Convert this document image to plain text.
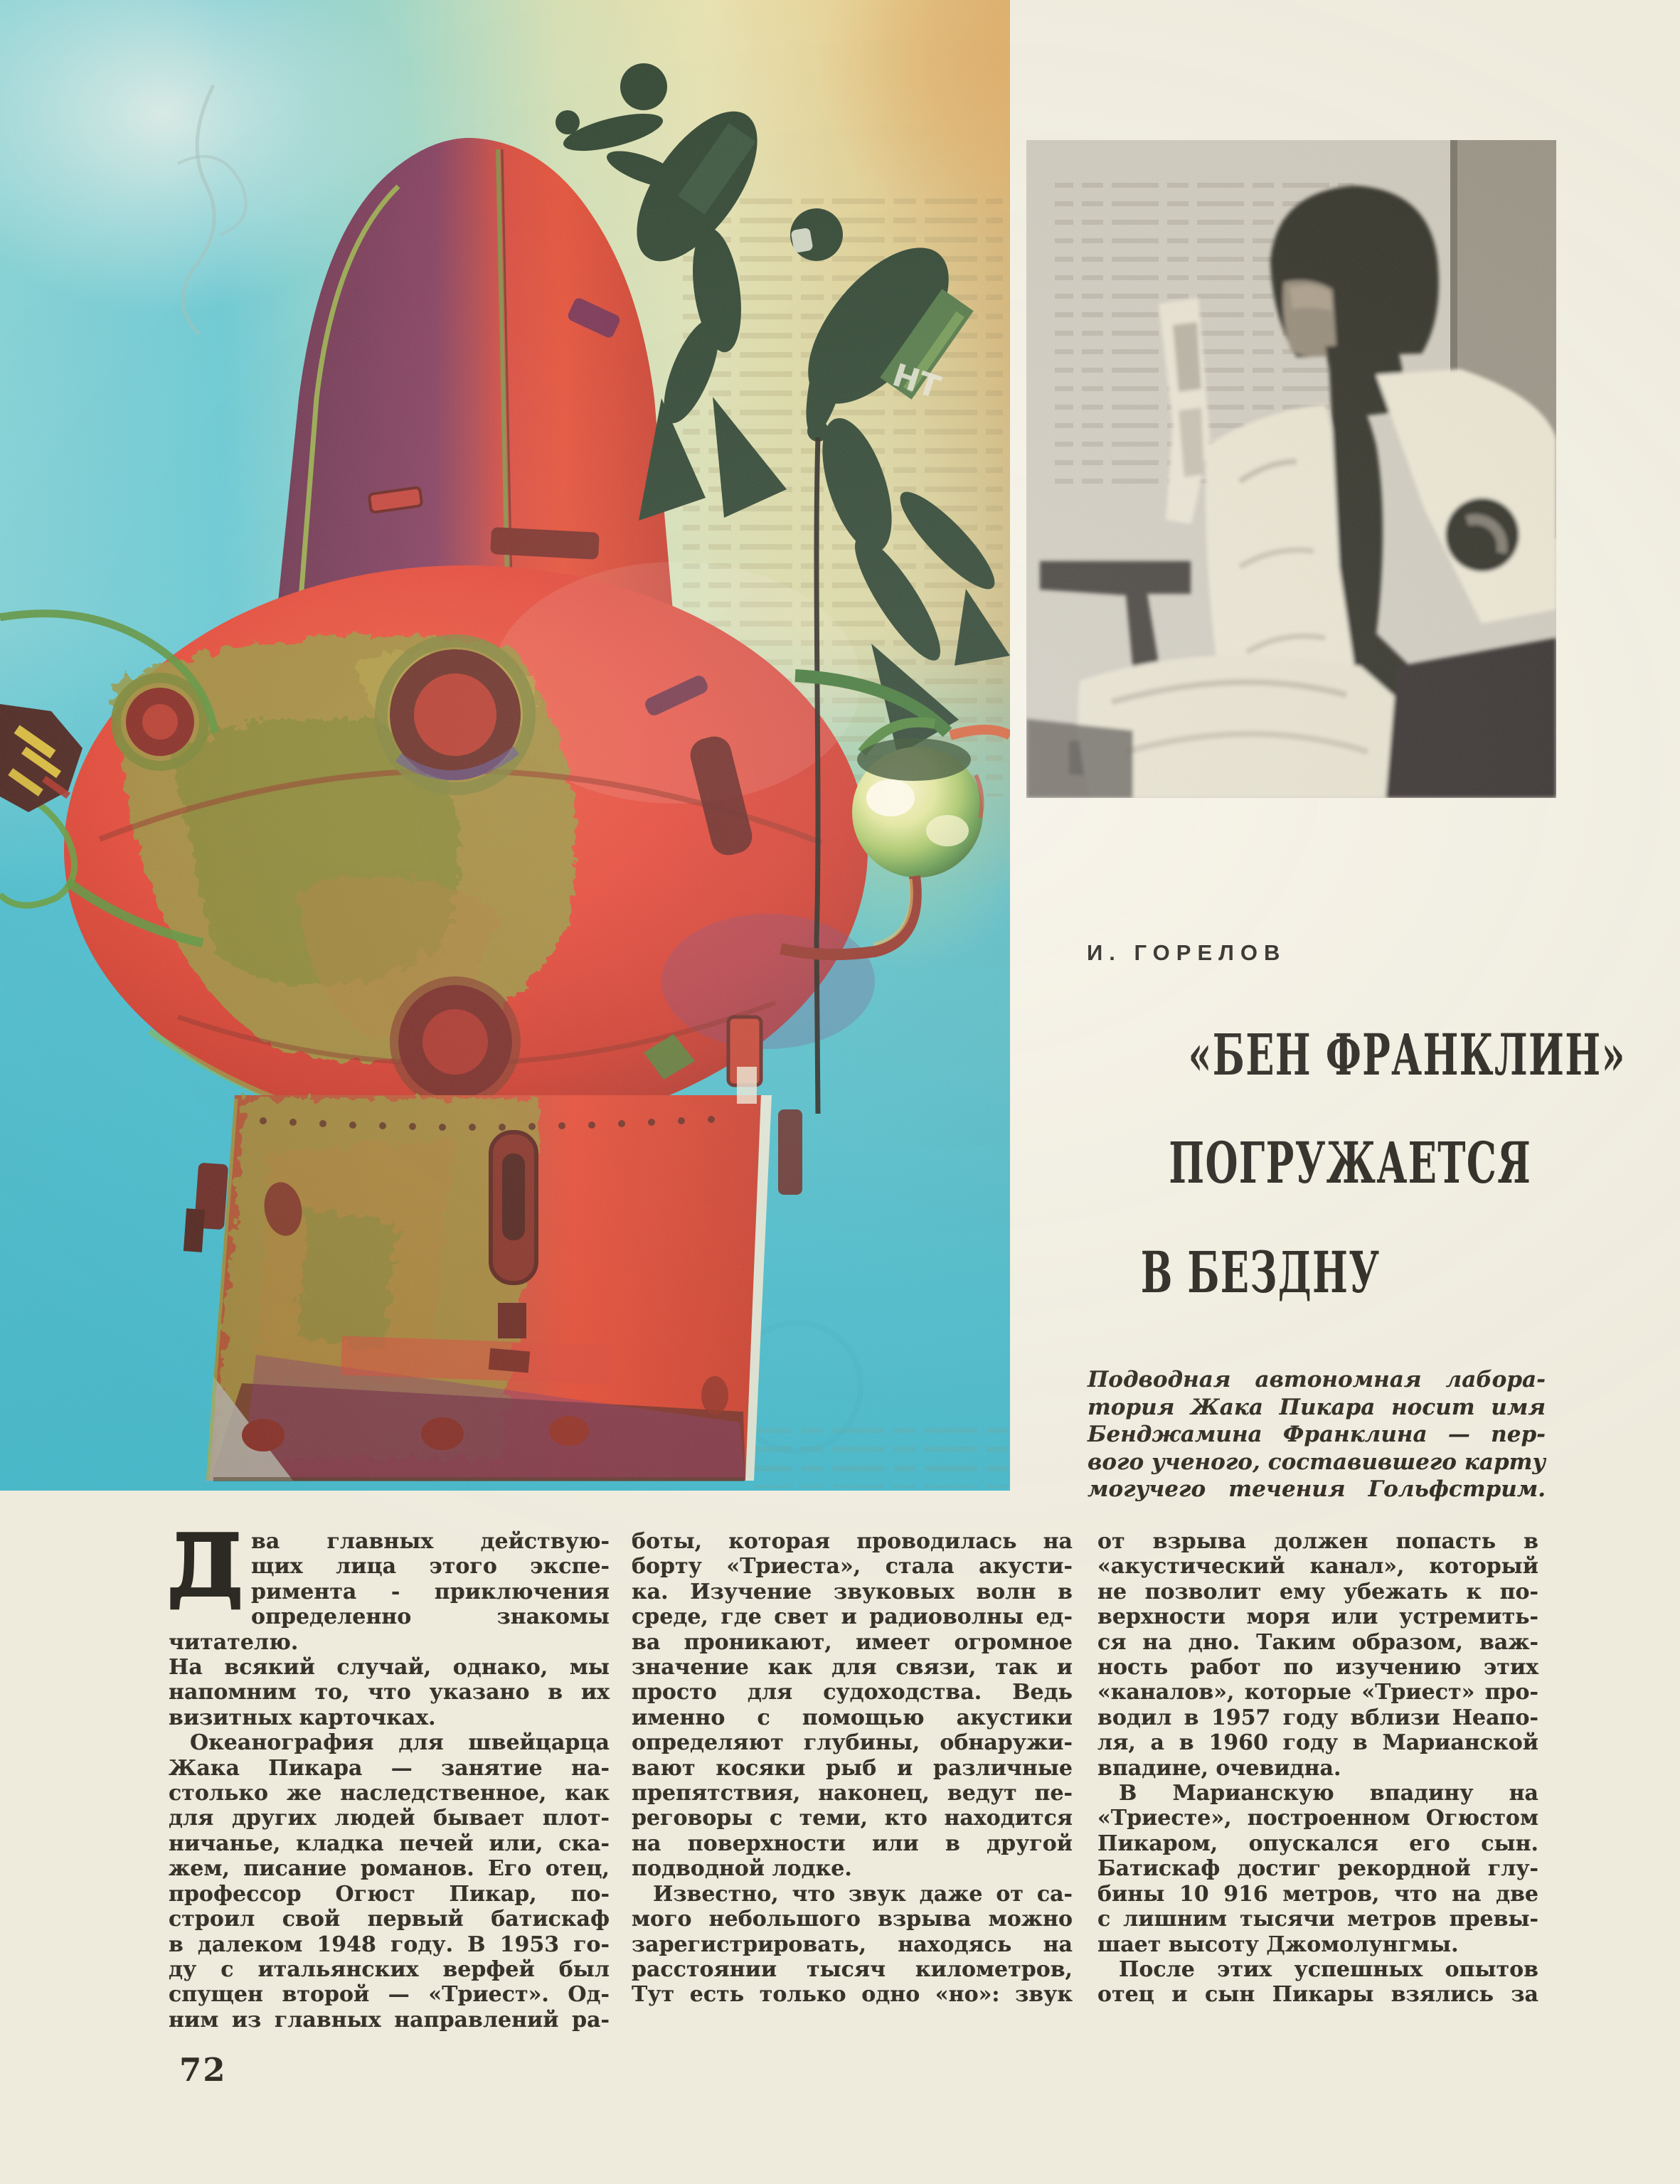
И. ГОРЕЛОВ
«БЕН ФРАНКЛИН»
ПОГРУЖАЕТСЯ
В БЕЗДНУ
Подводная автономная лабора-
тория Жака Пикара носит имя
Бенджамина Франклина — пер-
вого ученого, составившего карту
могучего течения Гольфстрим.
Д ва главных действую-
щих лица этого экспе-
римента - приключения
определенно знакомы читателю.
На всякий случай, однако, мы
напомним то, что указано в их
визитных карточках.
Океанография для швейцарца
Жака Пикара — занятие на-
столько же наследственное, как
для других людей бывает плот-
ничанье, кладка печей или, ска-
жем, писание романов. Его отец,
профессор Огюст Пикар, по-
строил свой первый батискаф
в далеком 1948 году. В 1953 го-
ду с итальянских верфей был
спущен второй — «Триест». Од-
ним из главных направлений ра-
боты, которая проводилась на
борту «Триеста», стала акусти-
ка. Изучение звуковых волн в
среде, где свет и радиоволны ед-
ва проникают, имеет огромное
значение как для связи, так и
просто для судоходства. Ведь
именно с помощью акустики
определяют глубины, обнаружи-
вают косяки рыб и различные
препятствия, наконец, ведут пе-
реговоры с теми, кто находится
на поверхности или в другой
подводной лодке.
Известно, что звук даже от са-
мого небольшого взрыва можно
зарегистрировать, находясь на
расстоянии тысяч километров,
Тут есть только одно «но»: звук
от взрыва должен попасть в
«акустический канал», который
не позволит ему убежать к по-
верхности моря или устремить-
ся на дно. Таким образом, важ-
ность работ по изучению этих
«каналов», которые «Триест» про-
водил в 1957 году вблизи Неапо-
ля, а в 1960 году в Марианской
впадине, очевидна.
В Марианскую впадину на
«Триесте», построенном Огюстом
Пикаром, опускался его сын.
Батискаф достиг рекордной глу-
бины 10 916 метров, что на две
с лишним тысячи метров превы-
шает высоту Джомолунгмы.
После этих успешных опытов
отец и сын Пикары взялись за
72
